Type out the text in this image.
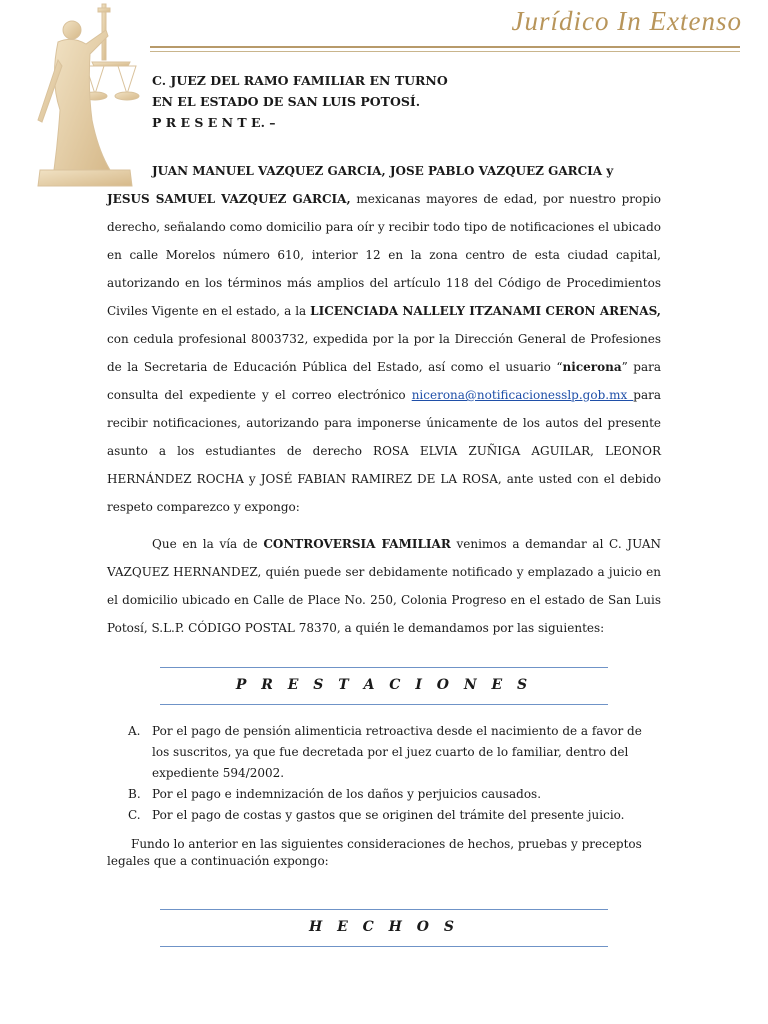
Jurídico In Extenso
C. JUEZ DEL RAMO FAMILIAR EN TURNO
EN EL ESTADO DE SAN LUIS POTOSÍ.
P R E S E N T E. –
JUAN MANUEL VAZQUEZ GARCIA, JOSE PABLO VAZQUEZ GARCIA y
JESUS SAMUEL VAZQUEZ GARCIA, mexicanas mayores de edad, por nuestro propio derecho, señalando como domicilio para oír y recibir todo tipo de notificaciones el ubicado en calle Morelos número 610, interior 12 en la zona centro de esta ciudad capital, autorizando en los términos más amplios del artículo 118 del Código de Procedimientos Civiles Vigente en el estado, a la LICENCIADA NALLELY ITZANAMI CERON ARENAS, con cedula profesional 8003732, expedida por la por la Dirección General de Profesiones de la Secretaria de Educación Pública del Estado, así como el usuario “nicerona” para consulta del expediente y el correo electrónico nicerona@notificacionesslp.gob.mx para recibir notificaciones, autorizando para imponerse únicamente de los autos del presente asunto a los estudiantes de derecho ROSA ELVIA ZUÑIGA AGUILAR, LEONOR HERNÁNDEZ ROCHA y JOSÉ FABIAN RAMIREZ DE LA ROSA, ante usted con el debido respeto comparezco y expongo:
Que en la vía de CONTROVERSIA FAMILIAR venimos a demandar al C. JUAN VAZQUEZ HERNANDEZ, quién puede ser debidamente notificado y emplazado a juicio en el domicilio ubicado en Calle de Place No. 250, Colonia Progreso en el estado de San Luis Potosí, S.L.P. CÓDIGO POSTAL 78370, a quién le demandamos por las siguientes:
P R E S T A C I O N E S
A. Por el pago de pensión alimenticia retroactiva desde el nacimiento de a favor de los suscritos, ya que fue decretada por el juez cuarto de lo familiar, dentro del expediente 594/2002.
B. Por el pago e indemnización de los daños y perjuicios causados.
C. Por el pago de costas y gastos que se originen del trámite del presente juicio.
Fundo lo anterior en las siguientes consideraciones de hechos, pruebas y preceptos
legales que a continuación expongo:
H E C H O S
